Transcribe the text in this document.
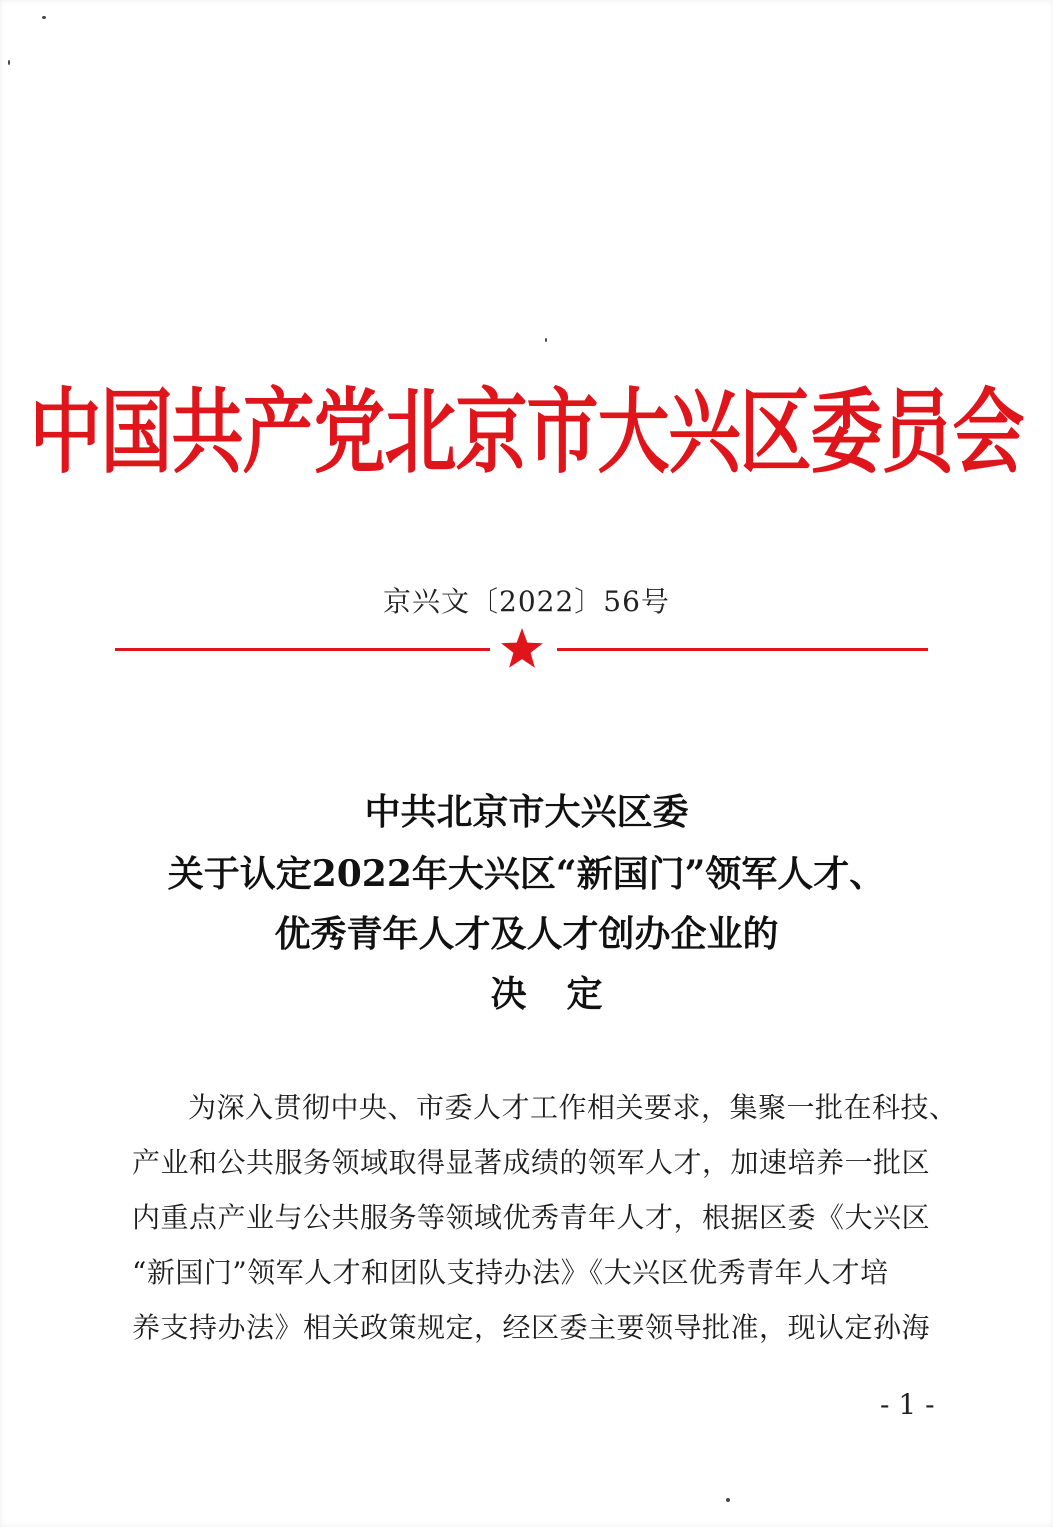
中国共产党北京市大兴区委员会
京兴文〔2022〕56号
中共北京市大兴区委
关于认定2022年大兴区“新国门”领军人才、
优秀青年人才及人才创办企业的
决定
为深入贯彻中央、市委人才工作相关要求，集聚一批在科技、
产业和公共服务领域取得显著成绩的领军人才，加速培养一批区
内重点产业与公共服务等领域优秀青年人才，根据区委《大兴区
“新国门”领军人才和团队支持办法》《大兴区优秀青年人才培
养支持办法》相关政策规定，经区委主要领导批准，现认定孙海
- 1 -
